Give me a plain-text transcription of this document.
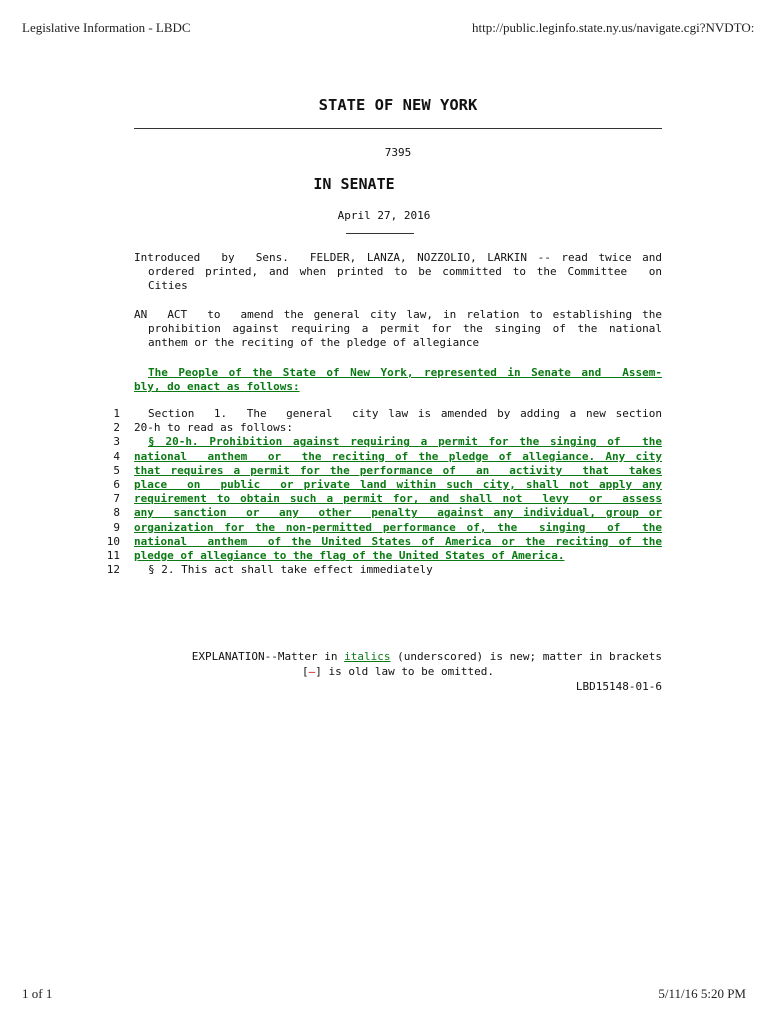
Legislative Information - LBDC	http://public.leginfo.state.ny.us/navigate.cgi?NVDTO:
STATE OF NEW YORK
7395
IN SENATE
April 27, 2016
Introduced  by  Sens.  FELDER, LANZA, NOZZOLIO, LARKIN -- read twice and
ordered printed, and when printed to be committed to the Committee  on
Cities
AN  ACT  to  amend the general city law, in relation to establishing the
prohibition against requiring a permit for the singing of the national
anthem or the reciting of the pledge of allegiance
The People of the State of New York, represented in Senate and  Assem-
bly, do enact as follows:
1	Section  1.  The  general  city law is amended by adding a new section
2	20-h to read as follows:
3	§ 20-h. Prohibition against requiring a permit for the singing of  the
4	national  anthem  or  the reciting of the pledge of allegiance. Any city
5	that requires a permit for the performance of  an  activity  that  takes
6	place  on  public  or private land within such city, shall not apply any
7	requirement to obtain such a permit for, and shall not  levy  or  assess
8	any  sanction  or  any  other  penalty  against any individual, group or
9	organization for the non-permitted performance of, the  singing  of  the
10	national  anthem  of the United States of America or the reciting of the
11	pledge of allegiance to the flag of the United States of America.
12	§ 2. This act shall take effect immediately
EXPLANATION--Matter in italics (underscored) is new; matter in brackets
[–] is old law to be omitted.
LBD15148-01-6
1 of 1	5/11/16 5:20 PM
